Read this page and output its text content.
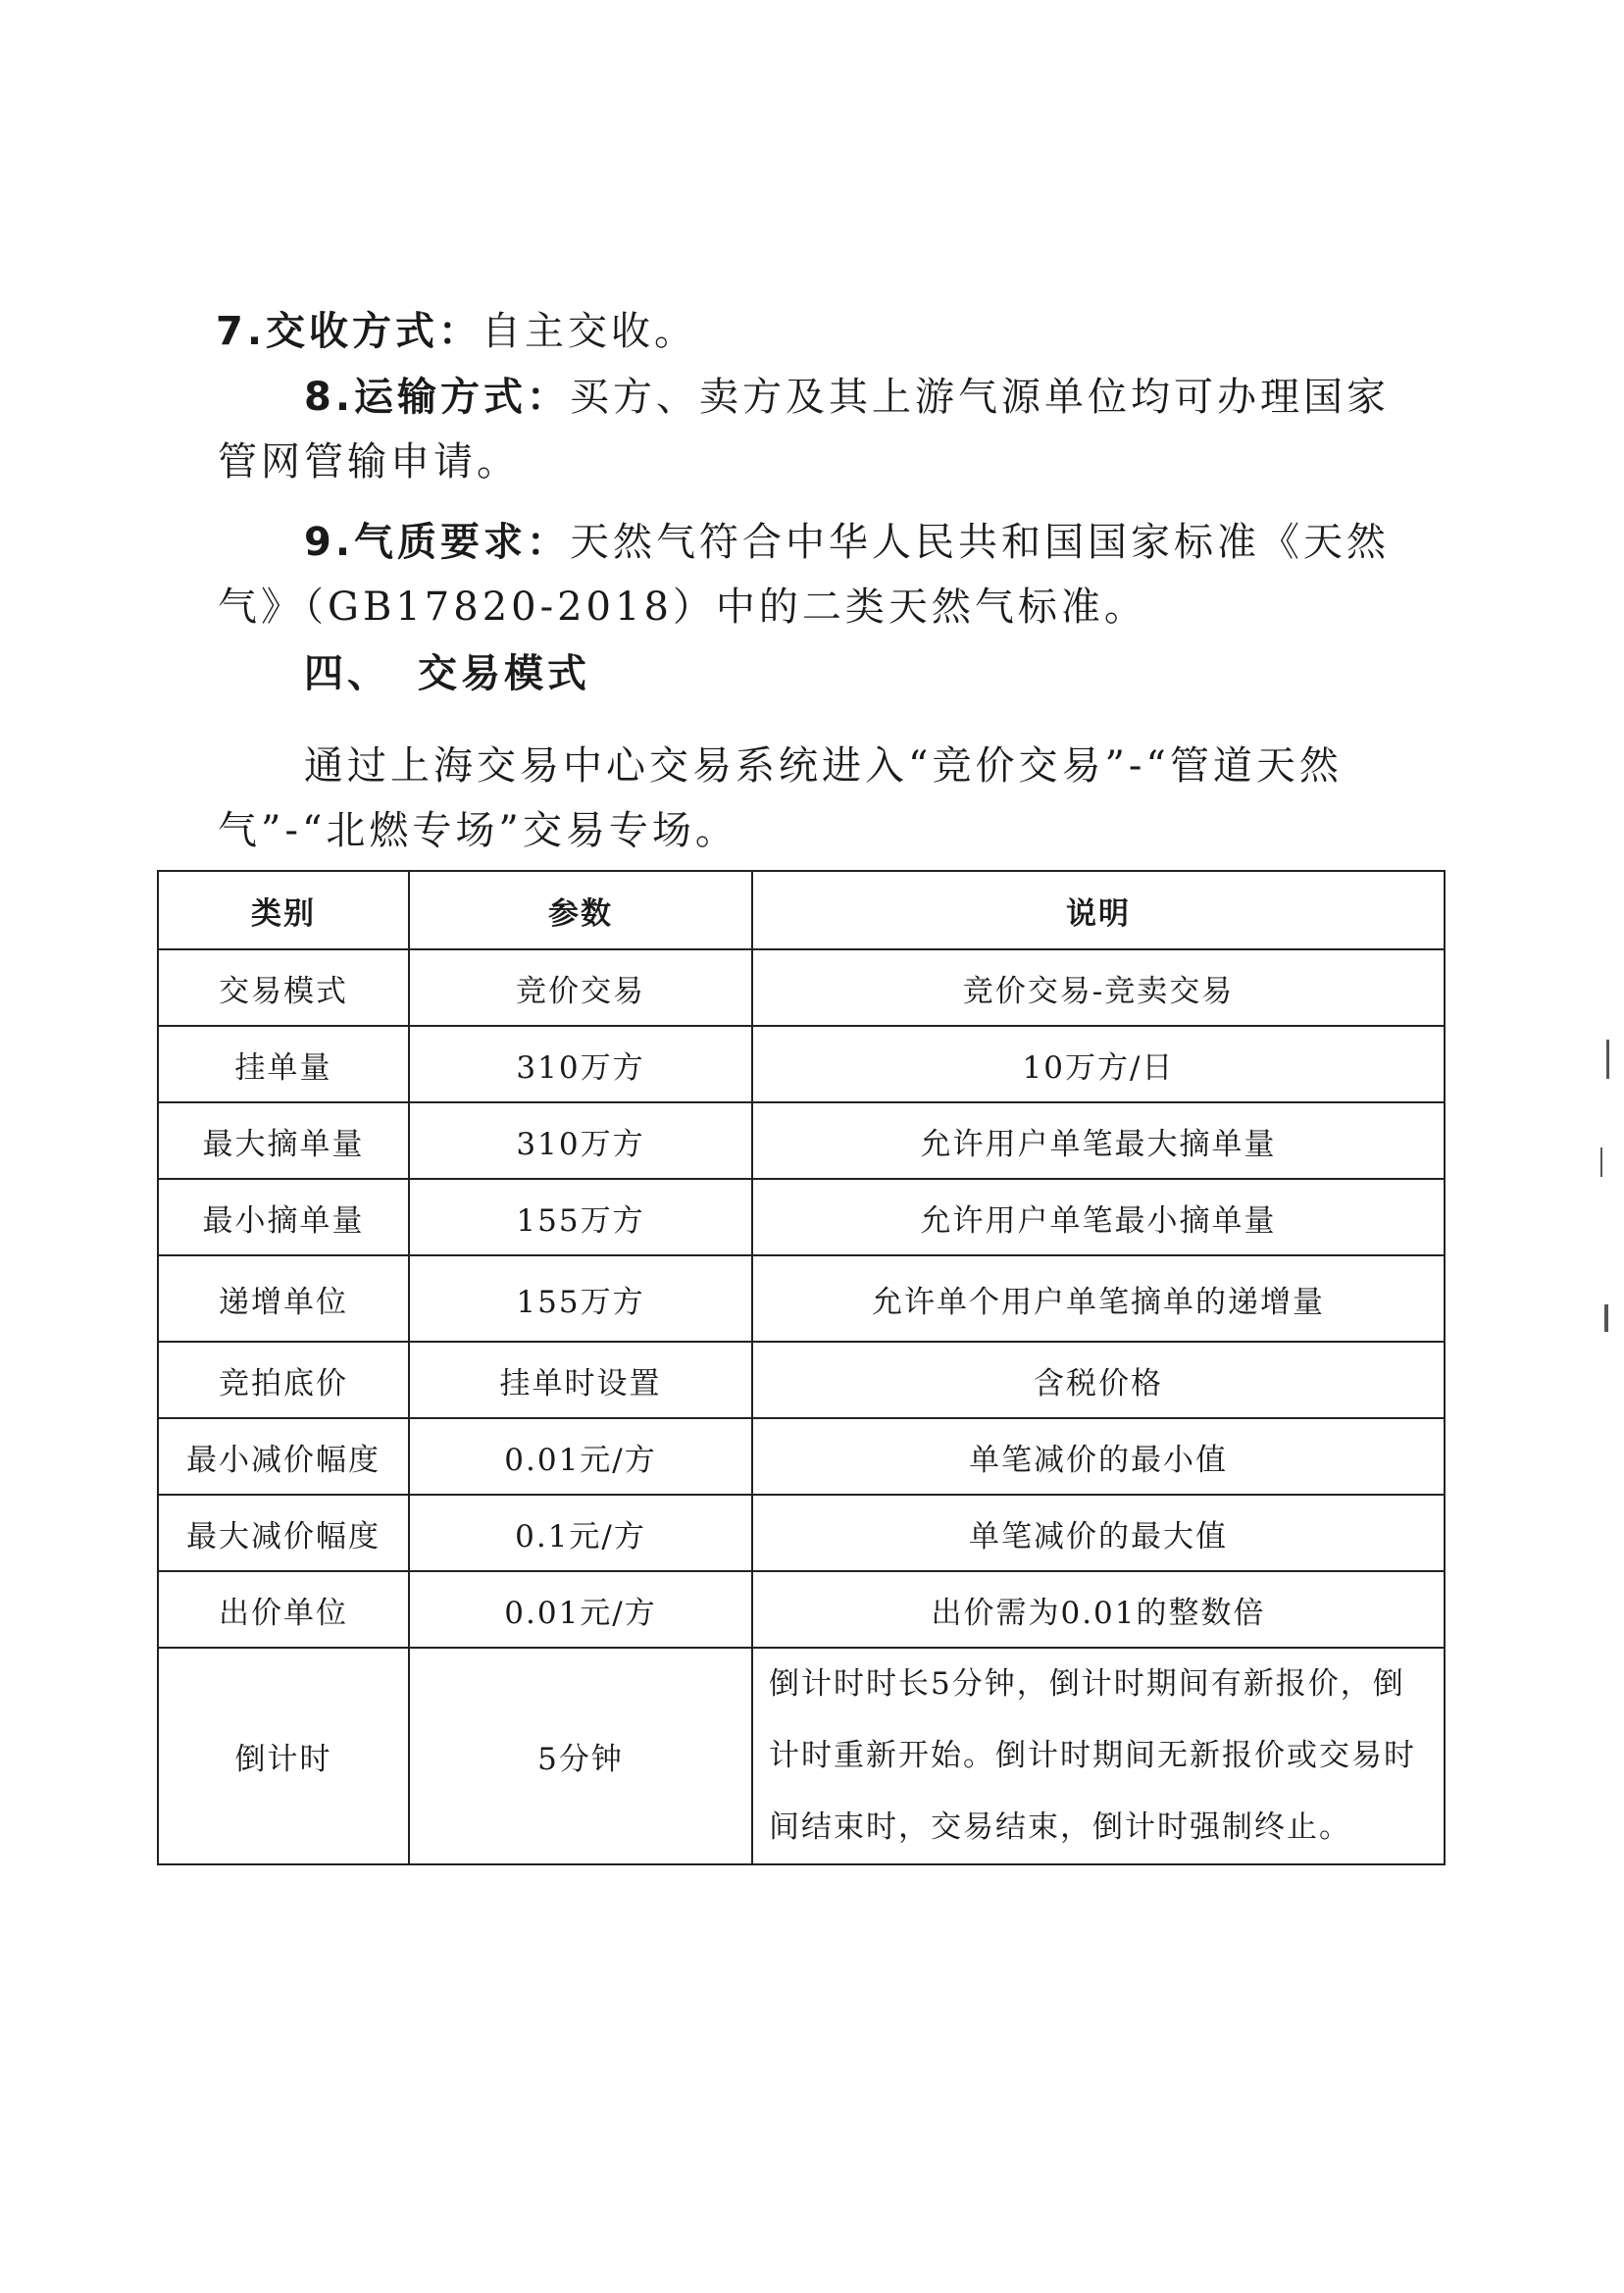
7.交收方式：自主交收。

8.运输方式：买方、卖方及其上游气源单位均可办理国家管网管输申请。

9.气质要求：天然气符合中华人民共和国国家标准《天然气》（GB17820-2018）中的二类天然气标准。

四、 交易模式

通过上海交易中心交易系统进入“竞价交易”-“管道天然气”-“北燃专场”交易专场。

类别	参数	说明
交易模式	竞价交易	竞价交易-竞卖交易
挂单量	310万方	10万方/日
最大摘单量	310万方	允许用户单笔最大摘单量
最小摘单量	155万方	允许用户单笔最小摘单量
递增单位	155万方	允许单个用户单笔摘单的递增量
竞拍底价	挂单时设置	含税价格
最小减价幅度	0.01元/方	单笔减价的最小值
最大减价幅度	0.1元/方	单笔减价的最大值
出价单位	0.01元/方	出价需为0.01的整数倍
倒计时	5分钟	倒计时时长5分钟，倒计时期间有新报价，倒计时重新开始。倒计时期间无新报价或交易时间结束时，交易结束，倒计时强制终止。
